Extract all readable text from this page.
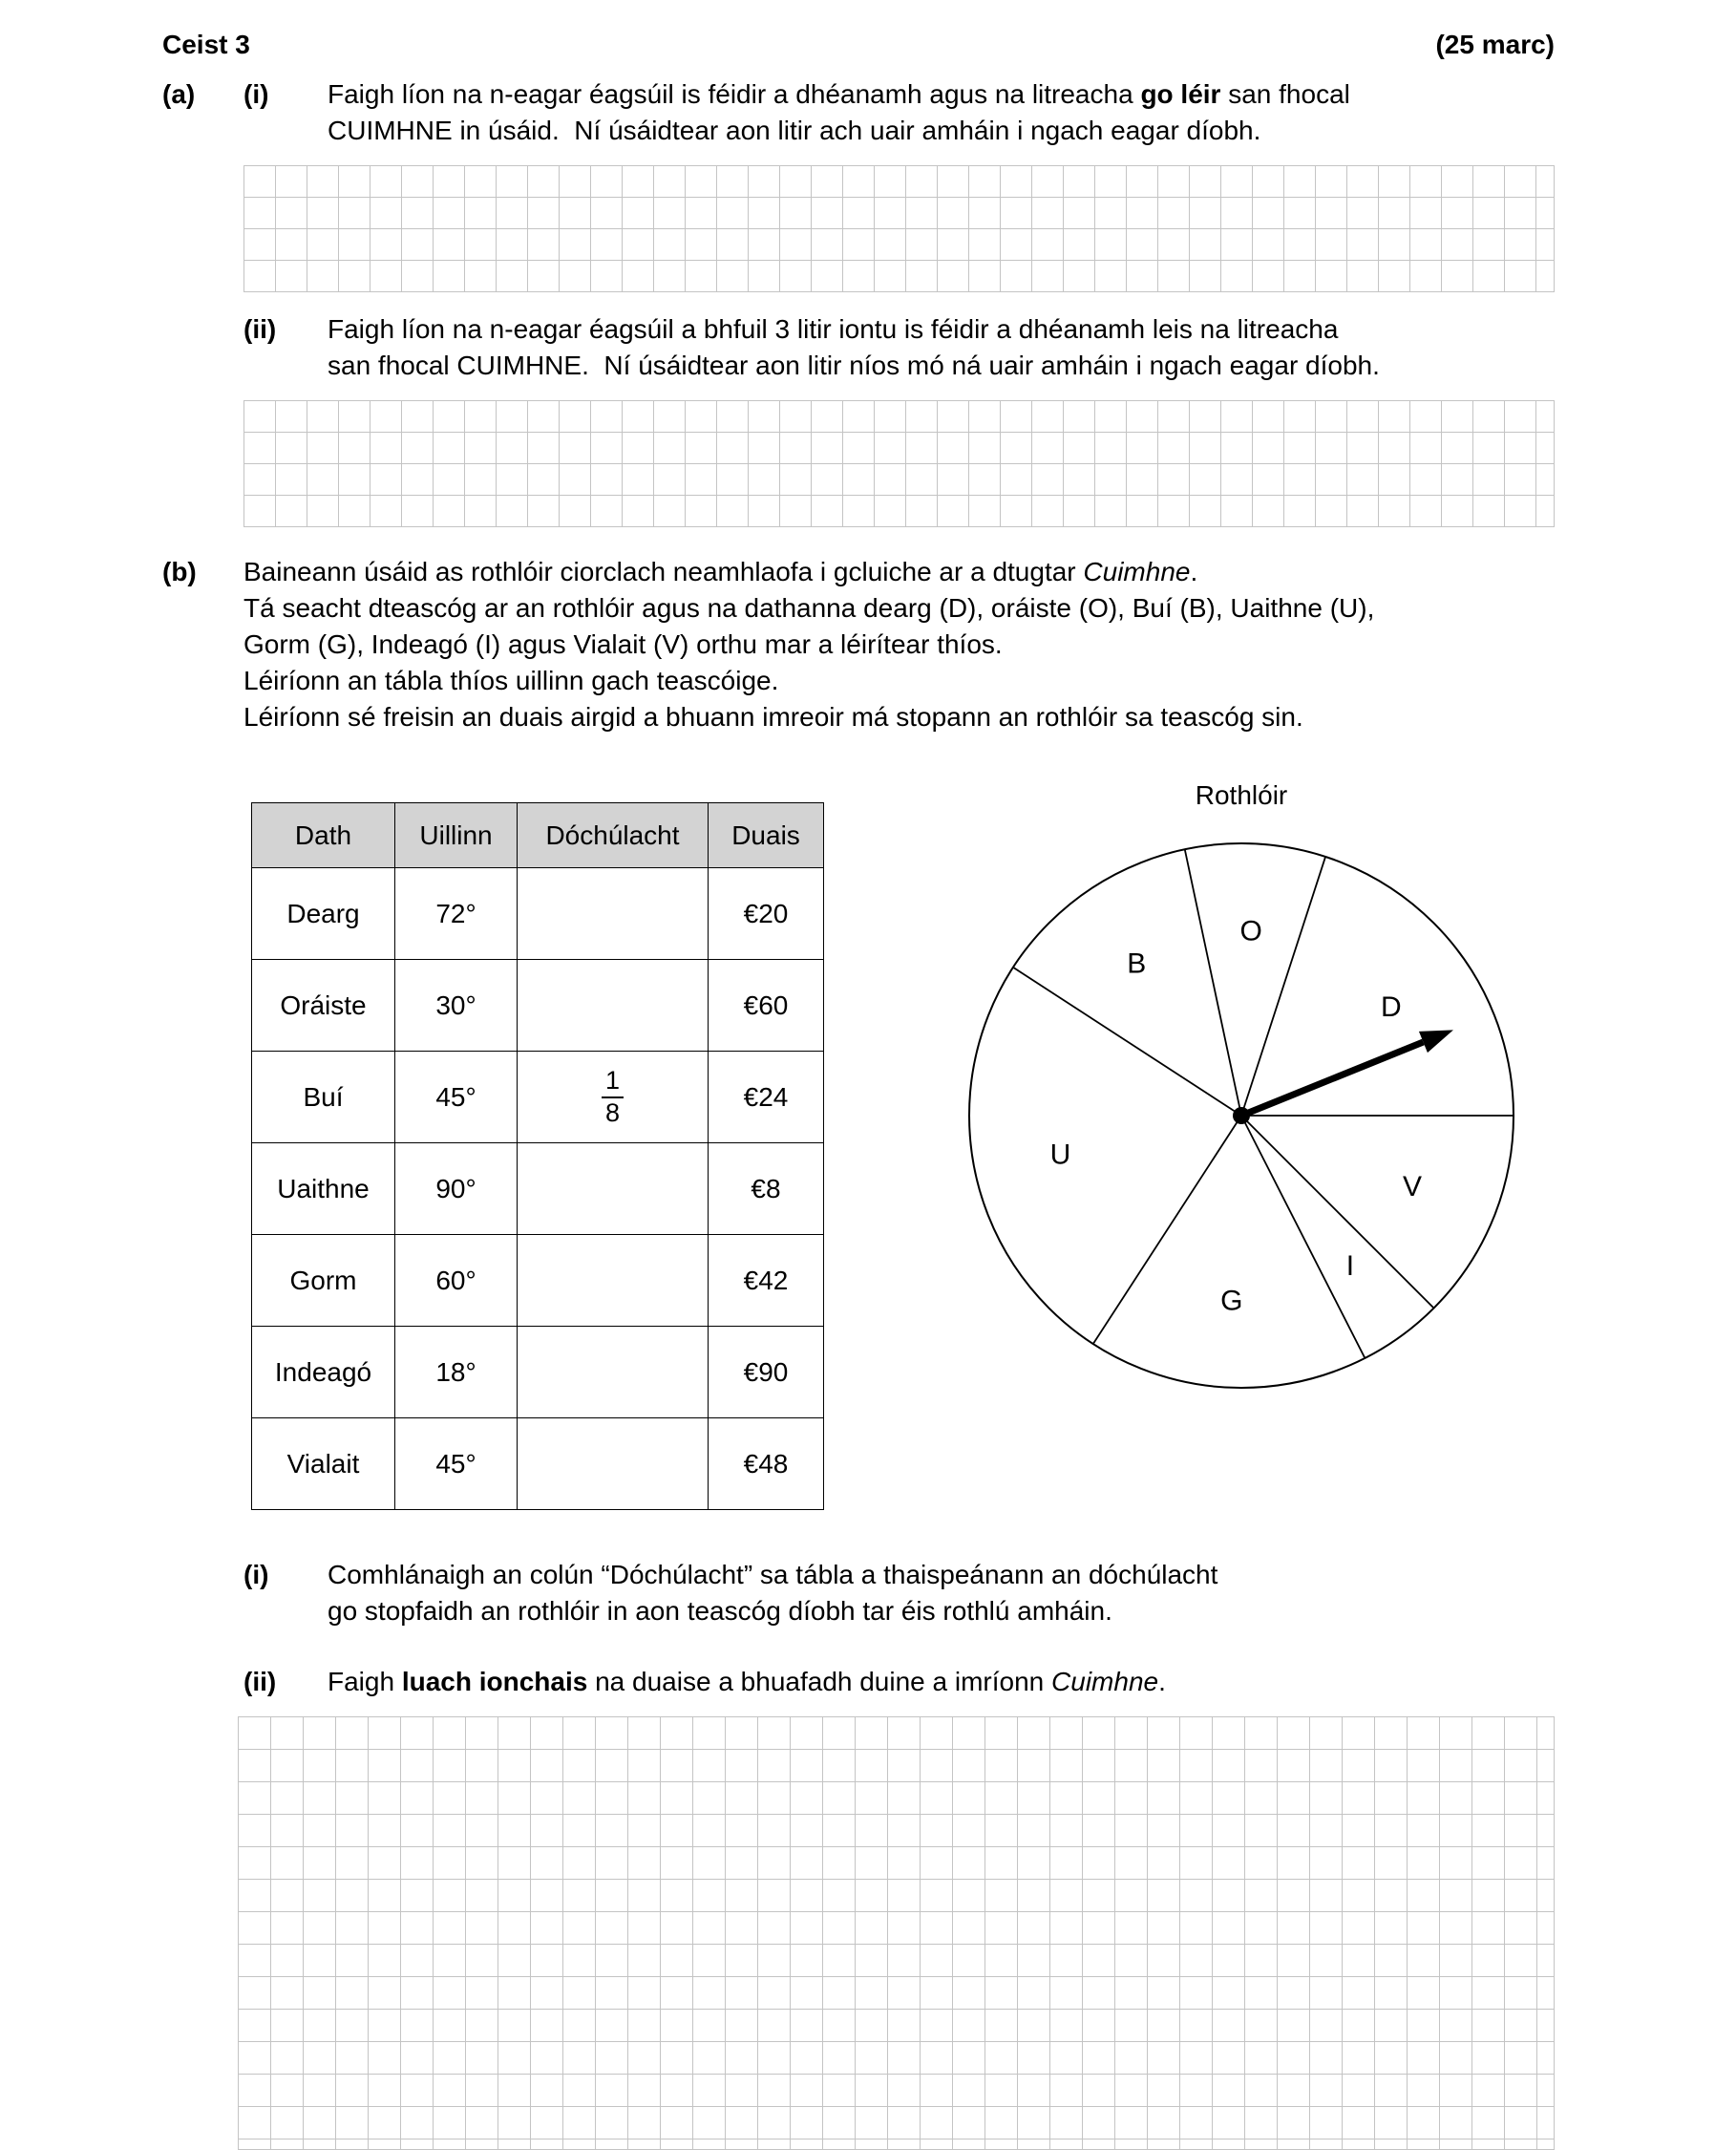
Ceist 3	(25 marc)
(a)	(i)	Faigh líon na n-eagar éagsúil is féidir a dhéanamh agus na litreacha go léir san fhocal
CUIMHNE in úsáid.  Ní úsáidtear aon litir ach uair amháin i ngach eagar díobh.
(ii)	Faigh líon na n-eagar éagsúil a bhfuil 3 litir iontu is féidir a dhéanamh leis na litreacha
san fhocal CUIMHNE.  Ní úsáidtear aon litir níos mó ná uair amháin i ngach eagar díobh.
(b)	Baineann úsáid as rothlóir ciorclach neamhlaofa i gcluiche ar a dtugtar Cuimhne.
Tá seacht dteascóg ar an rothlóir agus na dathanna dearg (D), oráiste (O), Buí (B), Uaithne (U),
Gorm (G), Indeagó (I) agus Vialait (V) orthu mar a léirítear thíos.
Léiríonn an tábla thíos uillinn gach teascóige.
Léiríonn sé freisin an duais airgid a bhuann imreoir má stopann an rothlóir sa teascóg sin.
Dath	Uillinn	Dóchúlacht	Duais
Dearg	72°		€20
Oráiste	30°		€60
Buí	45°	$\frac{1}{8}$	€24
Uaithne	90°		€8
Gorm	60°		€42
Indeagó	18°		€90
Vialait	45°		€48
Rothlóir
D
O
B
U
G
I
V
(i)	Comhlánaigh an colún “Dóchúlacht” sa tábla a thaispeánann an dóchúlacht
go stopfaidh an rothlóir in aon teascóg díobh tar éis rothlú amháin.
(ii)	Faigh luach ionchais na duaise a bhuafadh duine a imríonn Cuimhne.
